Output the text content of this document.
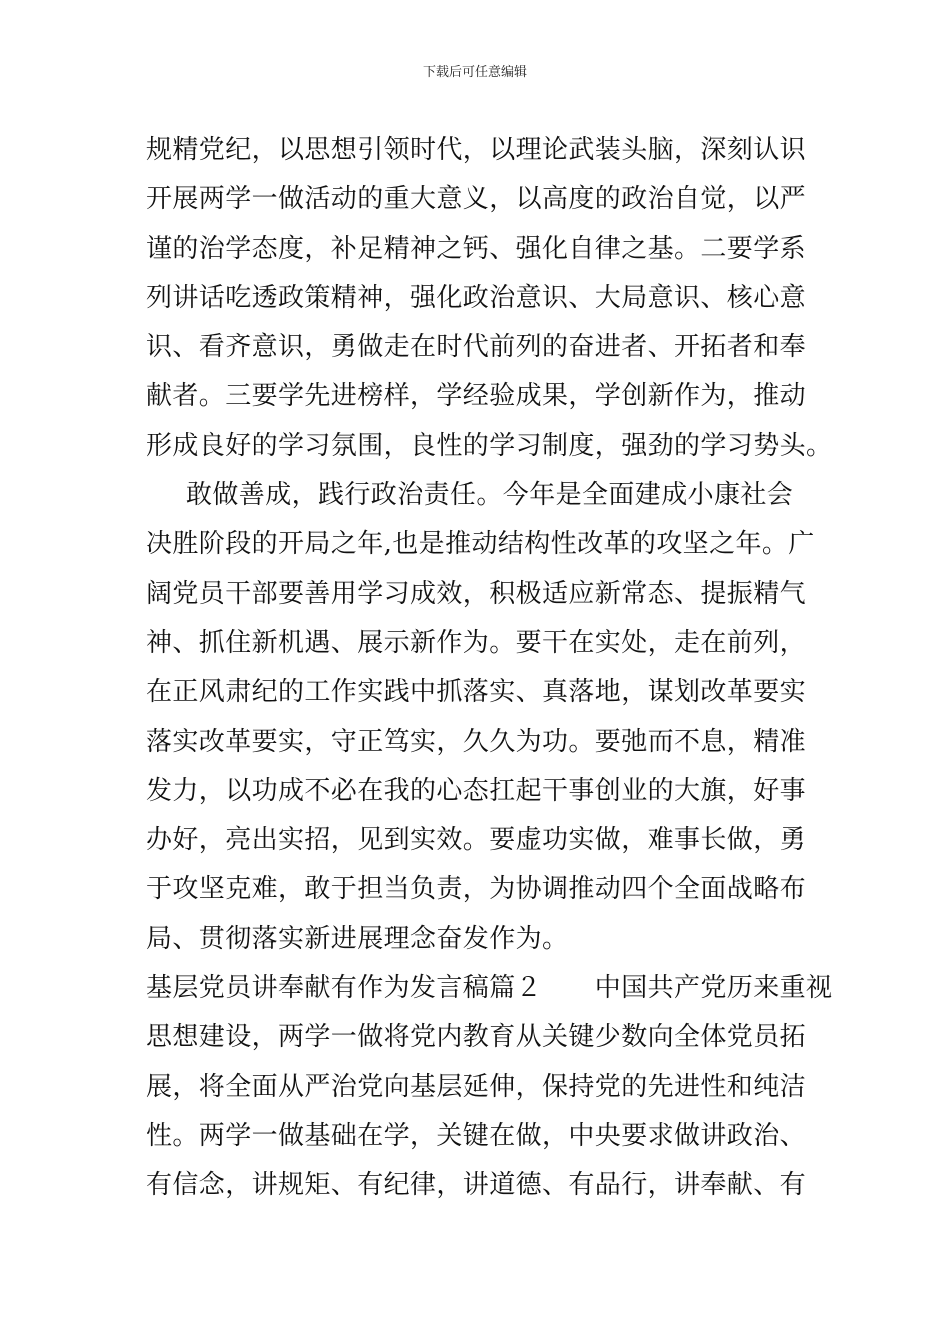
下载后可任意编辑
规精党纪，以思想引领时代，以理论武装头脑，深刻认识
开展两学一做活动的重大意义，以高度的政治自觉，以严
谨的治学态度，补足精神之钙、强化自律之基。二要学系
列讲话吃透政策精神，强化政治意识、大局意识、核心意
识、看齐意识，勇做走在时代前列的奋进者、开拓者和奉
献者。三要学先进榜样，学经验成果，学创新作为，推动
形成良好的学习氛围，良性的学习制度，强劲的学习势头。
敢做善成，践行政治责任。今年是全面建成小康社会
决胜阶段的开局之年,也是推动结构性改革的攻坚之年。广
阔党员干部要善用学习成效，积极适应新常态、提振精气
神、抓住新机遇、展示新作为。要干在实处，走在前列，
在正风肃纪的工作实践中抓落实、真落地，谋划改革要实
落实改革要实，守正笃实，久久为功。要弛而不息，精准
发力，以功成不必在我的心态扛起干事创业的大旗，好事
办好，亮出实招，见到实效。要虚功实做，难事长做，勇
于攻坚克难，敢于担当负责，为协调推动四个全面战略布
局、贯彻落实新进展理念奋发作为。
基层党员讲奉献有作为发言稿篇２　　中国共产党历来重视
思想建设，两学一做将党内教育从关键少数向全体党员拓
展，将全面从严治党向基层延伸，保持党的先进性和纯洁
性。两学一做基础在学，关键在做，中央要求做讲政治、
有信念，讲规矩、有纪律，讲道德、有品行，讲奉献、有
